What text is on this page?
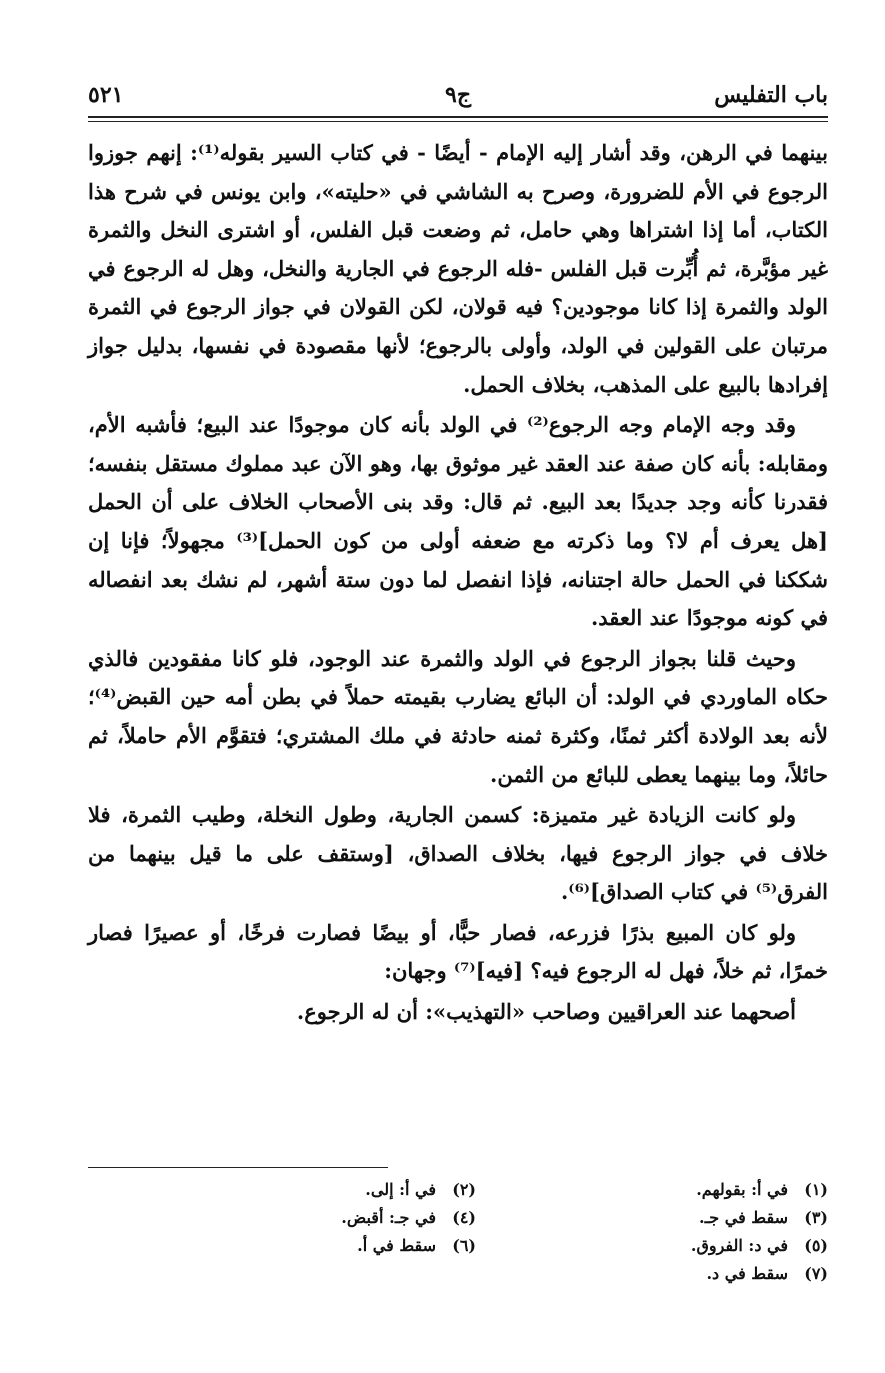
باب التفليس
ج٩
٥٢١

بينهما في الرهن، وقد أشار إليه الإمام - أيضًا - في كتاب السير بقوله⁽¹⁾: إنهم جوزوا الرجوع في الأم للضرورة، وصرح به الشاشي في «حليته»، وابن يونس في شرح هذا الكتاب، أما إذا اشتراها وهي حامل، ثم وضعت قبل الفلس، أو اشترى النخل والثمرة غير مؤبَّرة، ثم أُبِّرت قبل الفلس -فله الرجوع في الجارية والنخل، وهل له الرجوع في الولد والثمرة إذا كانا موجودين؟ فيه قولان، لكن القولان في جواز الرجوع في الثمرة مرتبان على القولين في الولد، وأولى بالرجوع؛ لأنها مقصودة في نفسها، بدليل جواز إفرادها بالبيع على المذهب، بخلاف الحمل.

وقد وجه الإمام وجه الرجوع⁽²⁾ في الولد بأنه كان موجودًا عند البيع؛ فأشبه الأم، ومقابله: بأنه كان صفة عند العقد غير موثوق بها، وهو الآن عبد مملوك مستقل بنفسه؛ فقدرنا كأنه وجد جديدًا بعد البيع. ثم قال: وقد بنى الأصحاب الخلاف على أن الحمل [هل يعرف أم لا؟ وما ذكرته مع ضعفه أولى من كون الحمل]⁽³⁾ مجهولاً؛ فإنا إن شككنا في الحمل حالة اجتنانه، فإذا انفصل لما دون ستة أشهر، لم نشك بعد انفصاله في كونه موجودًا عند العقد.

وحيث قلنا بجواز الرجوع في الولد والثمرة عند الوجود، فلو كانا مفقودين فالذي حكاه الماوردي في الولد: أن البائع يضارب بقيمته حملاً في بطن أمه حين القبض⁽⁴⁾؛ لأنه بعد الولادة أكثر ثمنًا، وكثرة ثمنه حادثة في ملك المشتري؛ فتقوَّم الأم حاملاً، ثم حائلاً، وما بينهما يعطى للبائع من الثمن.

ولو كانت الزيادة غير متميزة: كسمن الجارية، وطول النخلة، وطيب الثمرة، فلا خلاف في جواز الرجوع فيها، بخلاف الصداق، [وستقف على ما قيل بينهما من الفرق⁽⁵⁾ في كتاب الصداق]⁽⁶⁾.

ولو كان المبيع بذرًا فزرعه، فصار حبًّا، أو بيضًا فصارت فرخًا، أو عصيرًا فصار خمرًا، ثم خلاً، فهل له الرجوع فيه؟ [فيه]⁽⁷⁾ وجهان:

أصحهما عند العراقيين وصاحب «التهذيب»: أن له الرجوع.

(١)في أ: بقولهم.
(٣)سقط في جـ.
(٥)في د: الفروق.
(٧)سقط في د.
(٢)في أ: إلى.
(٤)في جـ: أقبض.
(٦)سقط في أ.
